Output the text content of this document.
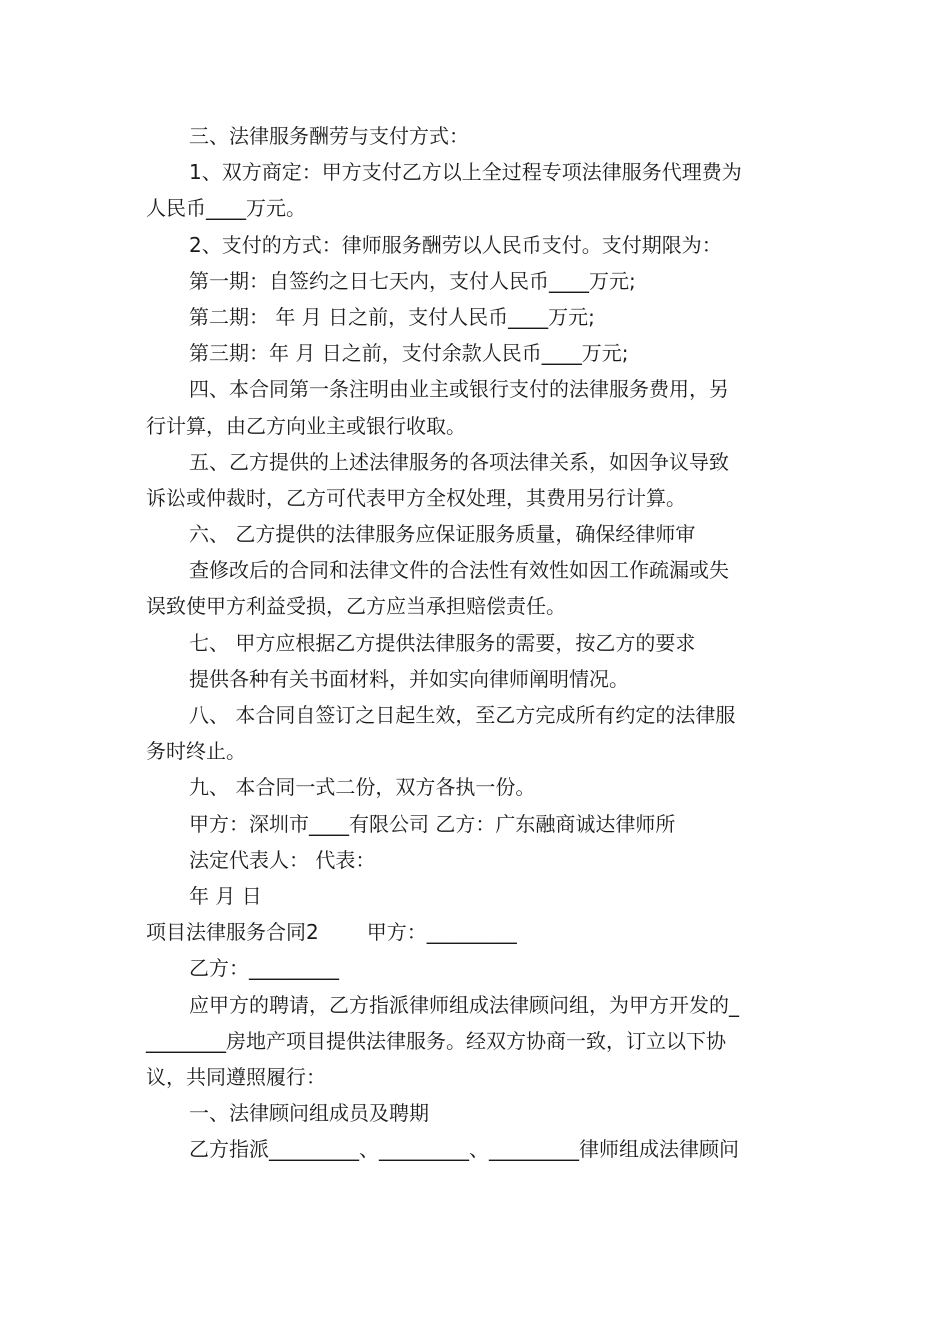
三、法律服务酬劳与支付方式：
1、双方商定：甲方支付乙方以上全过程专项法律服务代理费为
人民币____万元。
2、支付的方式：律师服务酬劳以人民币支付。支付期限为：
第一期：自签约之日七天内，支付人民币____万元;
第二期： 年 月 日之前，支付人民币____万元;
第三期：年 月 日之前，支付余款人民币____万元;
四、本合同第一条注明由业主或银行支付的法律服务费用，另
行计算，由乙方向业主或银行收取。
五、乙方提供的上述法律服务的各项法律关系，如因争议导致
诉讼或仲裁时，乙方可代表甲方全权处理，其费用另行计算。
六、 乙方提供的法律服务应保证服务质量，确保经律师审
查修改后的合同和法律文件的合法性有效性如因工作疏漏或失
误致使甲方利益受损，乙方应当承担赔偿责任。
七、 甲方应根据乙方提供法律服务的需要，按乙方的要求
提供各种有关书面材料，并如实向律师阐明情况。
八、 本合同自签订之日起生效，至乙方完成所有约定的法律服
务时终止。
九、 本合同一式二份，双方各执一份。
甲方：深圳市____有限公司 乙方：广东融商诚达律师所
法定代表人： 代表：
年 月 日
项目法律服务合同2 甲方：_________
乙方：_________
应甲方的聘请，乙方指派律师组成法律顾问组，为甲方开发的_
________房地产项目提供法律服务。经双方协商一致，订立以下协
议，共同遵照履行：
一、法律顾问组成员及聘期
乙方指派_________、_________、_________律师组成法律顾问
